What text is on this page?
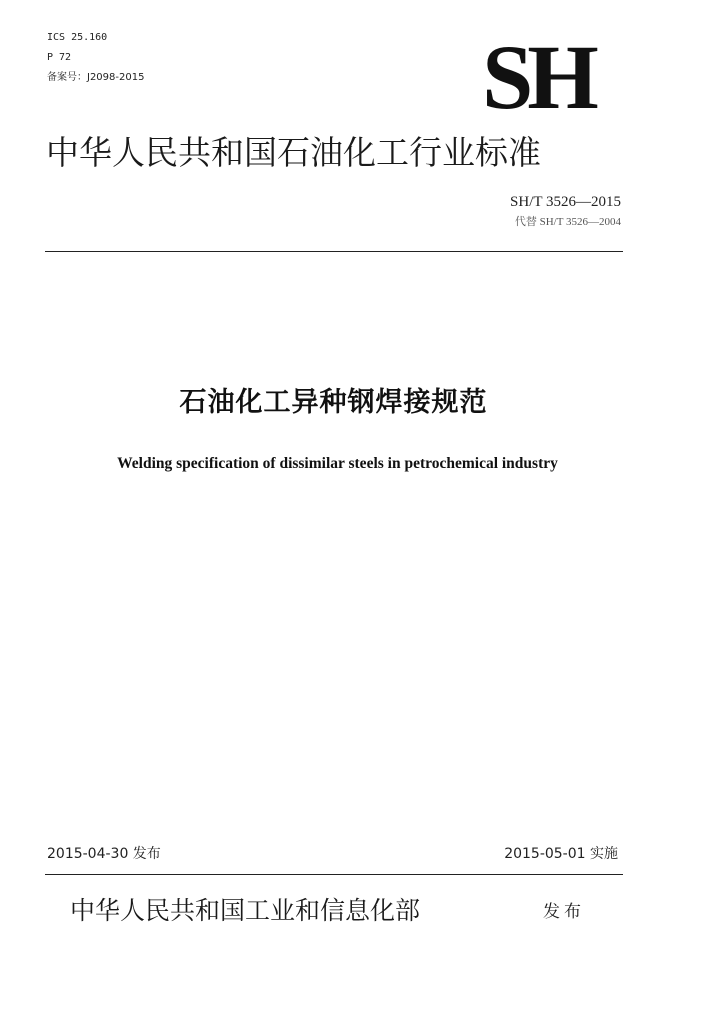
ICS 25.160
P 72
备案号：J2098-2015	SH
中华人民共和国石油化工行业标准
SH/T 3526—2015
代替 SH/T 3526—2004
石油化工异种钢焊接规范
Welding specification of dissimilar steels in petrochemical industry
2015-04-30 发布	2015-05-01 实施
中华人民共和国工业和信息化部	发布
